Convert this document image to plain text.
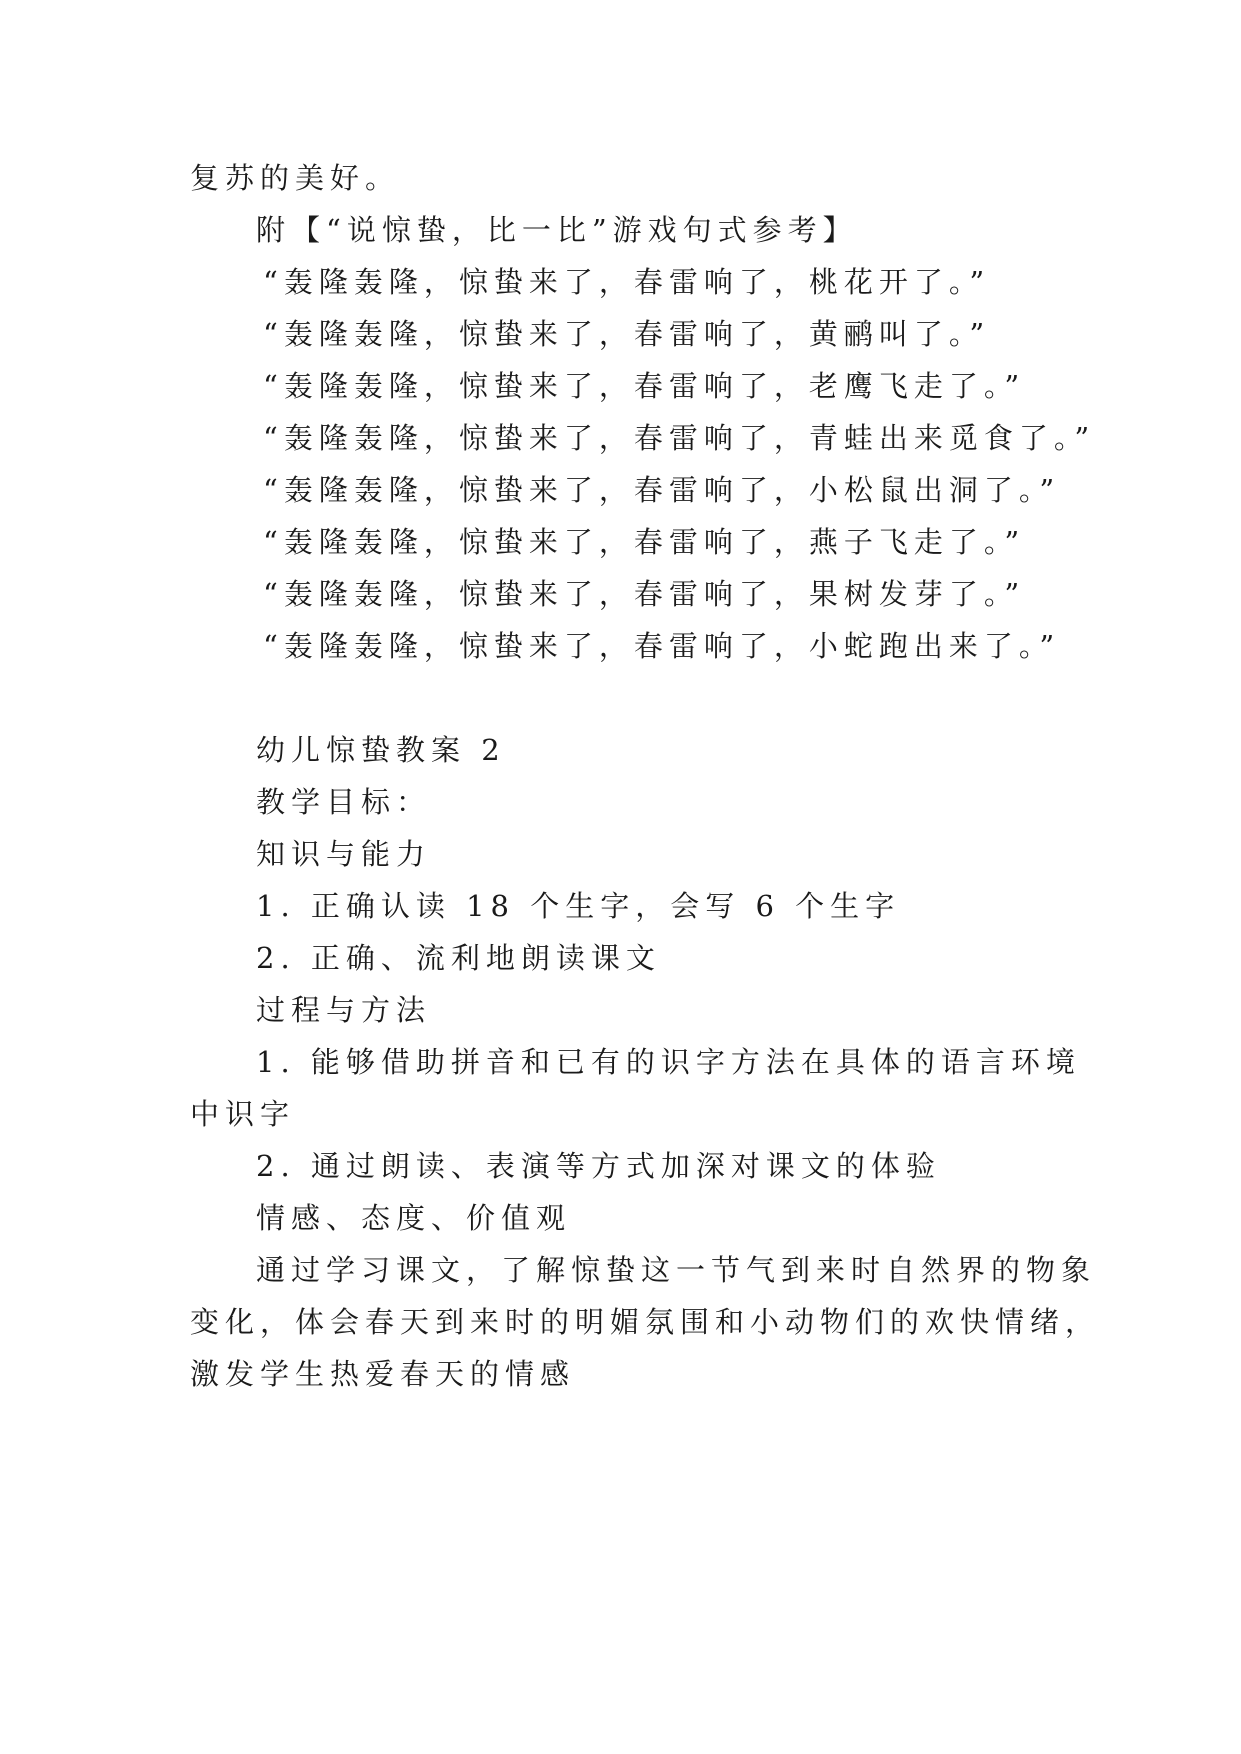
复苏的美好。

附【“说惊蛰，比一比”游戏句式参考】

“轰隆轰隆，惊蛰来了，春雷响了，桃花开了。”

“轰隆轰隆，惊蛰来了，春雷响了，黄鹂叫了。”

“轰隆轰隆，惊蛰来了，春雷响了，老鹰飞走了。”

“轰隆轰隆，惊蛰来了，春雷响了，青蛙出来觅食了。”

“轰隆轰隆，惊蛰来了，春雷响了，小松鼠出洞了。”

“轰隆轰隆，惊蛰来了，春雷响了，燕子飞走了。”

“轰隆轰隆，惊蛰来了，春雷响了，果树发芽了。”

“轰隆轰隆，惊蛰来了，春雷响了，小蛇跑出来了。”

幼儿惊蛰教案 2

教学目标：

知识与能力

1. 正确认读 18 个生字，会写 6 个生字

2. 正确、流利地朗读课文

过程与方法

1. 能够借助拼音和已有的识字方法在具体的语言环境

中识字

2. 通过朗读、表演等方式加深对课文的体验

情感、态度、价值观

通过学习课文，了解惊蛰这一节气到来时自然界的物象

变化，体会春天到来时的明媚氛围和小动物们的欢快情绪，

激发学生热爱春天的情感
